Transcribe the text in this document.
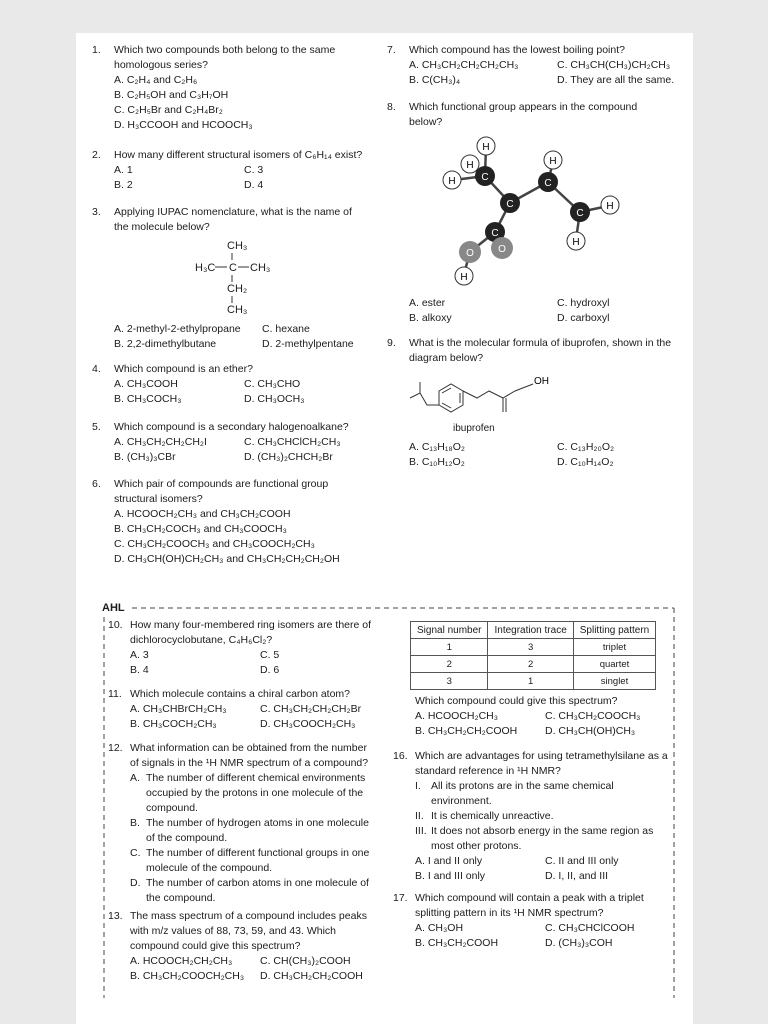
1. Which two compounds both belong to the same homologous series?
A. C₂H₄ and C₂H₆
B. C₂H₅OH and C₃H₇OH
C. C₂H₅Br and C₂H₄Br₂
D. H₃CCOOH and HCOOCH₃
2. How many different structural isomers of C₆H₁₄ exist?
A. 1	C. 3
B. 2	D. 4
3. Applying IUPAC nomenclature, what is the name of the molecule below?
CH₃
H₃C C CH₃
CH₂
CH₃
A. 2-methyl-2-ethylpropane	C. hexane
B. 2,2-dimethylbutane	D. 2-methylpentane
4. Which compound is an ether?
A. CH₃COOH	C. CH₃CHO
B. CH₃COCH₃	D. CH₃OCH₃
5. Which compound is a secondary halogenoalkane?
A. CH₃CH₂CH₂CH₂I	C. CH₃CHClCH₂CH₃
B. (CH₃)₃CBr	D. (CH₃)₂CHCH₂Br
6. Which pair of compounds are functional group structural isomers?
A. HCOOCH₂CH₃ and CH₃CH₂COOH
B. CH₃CH₂COCH₃ and CH₃COOCH₃
C. CH₃CH₂COOCH₃ and CH₃COOCH₂CH₃
D. CH₃CH(OH)CH₂CH₃ and CH₃CH₂CH₂CH₂OH
7. Which compound has the lowest boiling point?
A. CH₃CH₂CH₂CH₂CH₃	C. CH₃CH(CH₃)CH₂CH₃
B. C(CH₃)₄	D. They are all the same.
8. Which functional group appears in the compound below?
H
H
H	C
C
H
C
C
H
H
C
O
O
H
A. ester	C. hydroxyl
B. alkoxy	D. carboxyl
9. What is the molecular formula of ibuprofen, shown in the diagram below?
OH
ibuprofen
A. C₁₃H₁₈O₂	C. C₁₃H₂₀O₂
B. C₁₀H₁₂O₂	D. C₁₀H₁₄O₂
AHL
10. How many four-membered ring isomers are there of dichlorocyclobutane, C₄H₆Cl₂?
A. 3	C. 5
B. 4	D. 6
11. Which molecule contains a chiral carbon atom?
A. CH₃CHBrCH₂CH₃	C. CH₃CH₂CH₂CH₂Br
B. CH₃COCH₂CH₃	D. CH₃COOCH₂CH₃
12. What information can be obtained from the number of signals in the ¹H NMR spectrum of a compound?
A. The number of different chemical environments occupied by the protons in one molecule of the compound.
B. The number of hydrogen atoms in one molecule of the compound.
C. The number of different functional groups in one molecule of the compound.
D. The number of carbon atoms in one molecule of the compound.
13. The mass spectrum of a compound includes peaks with m/z values of 88, 73, 59, and 43. Which compound could give this spectrum?
A. HCOOCH₂CH₂CH₃	C. CH(CH₃)₂COOH
B. CH₃CH₂COOCH₂CH₃	D. CH₃CH₂CH₂COOH
Signal number	Integration trace	Splitting pattern
1	3	triplet
2	2	quartet
3	1	singlet
Which compound could give this spectrum?
A. HCOOCH₂CH₃	C. CH₃CH₂COOCH₃
B. CH₃CH₂CH₂COOH	D. CH₃CH(OH)CH₃
16. Which are advantages for using tetramethylsilane as a standard reference in ¹H NMR?
I. All its protons are in the same chemical environment.
II. It is chemically unreactive.
III. It does not absorb energy in the same region as most other protons.
A. I and II only	C. II and III only
B. I and III only	D. I, II, and III
17. Which compound will contain a peak with a triplet splitting pattern in its ¹H NMR spectrum?
A. CH₃OH	C. CH₃CHClCOOH
B. CH₃CH₂COOH	D. (CH₃)₃COH
